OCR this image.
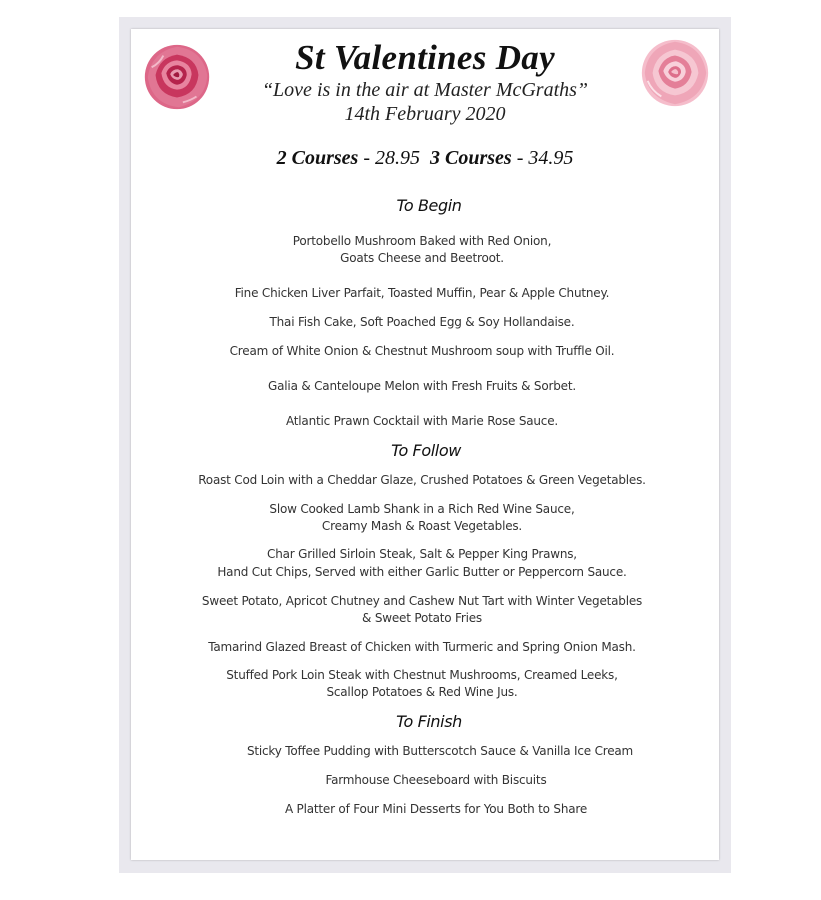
St Valentines Day
“Love is in the air at Master McGraths”
14th February 2020
2 Courses - 28.95 3 Courses - 34.95
To Begin
Portobello Mushroom Baked with Red Onion,
Goats Cheese and Beetroot.
Fine Chicken Liver Parfait, Toasted Muffin, Pear & Apple Chutney.
Thai Fish Cake, Soft Poached Egg & Soy Hollandaise.
Cream of White Onion & Chestnut Mushroom soup with Truffle Oil.
Galia & Canteloupe Melon with Fresh Fruits & Sorbet.
Atlantic Prawn Cocktail with Marie Rose Sauce.
To Follow
Roast Cod Loin with a Cheddar Glaze, Crushed Potatoes & Green Vegetables.
Slow Cooked Lamb Shank in a Rich Red Wine Sauce,
Creamy Mash & Roast Vegetables.
Char Grilled Sirloin Steak, Salt & Pepper King Prawns,
Hand Cut Chips, Served with either Garlic Butter or Peppercorn Sauce.
Sweet Potato, Apricot Chutney and Cashew Nut Tart with Winter Vegetables
& Sweet Potato Fries
Tamarind Glazed Breast of Chicken with Turmeric and Spring Onion Mash.
Stuffed Pork Loin Steak with Chestnut Mushrooms, Creamed Leeks,
Scallop Potatoes & Red Wine Jus.
To Finish
Sticky Toffee Pudding with Butterscotch Sauce & Vanilla Ice Cream
Farmhouse Cheeseboard with Biscuits
A Platter of Four Mini Desserts for You Both to Share
